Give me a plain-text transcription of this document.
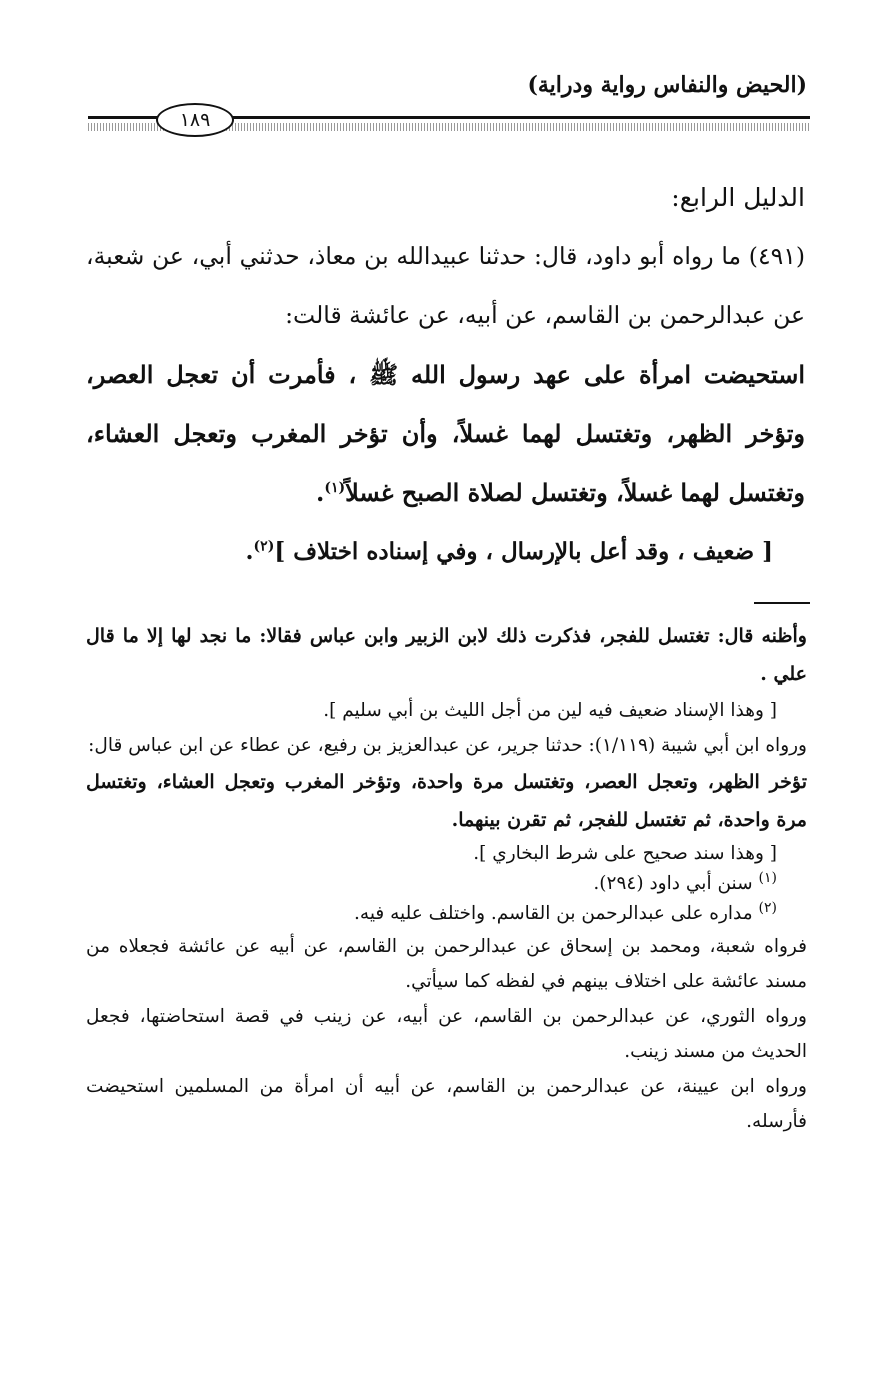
(الحيض والنفاس رواية ودراية)
١٨٩

الدليل الرابع:

(٤٩١) ما رواه أبو داود، قال: حدثنا عبيدالله بن معاذ، حدثني أبي، عن شعبة، عن عبدالرحمن بن القاسم، عن أبيه، عن عائشة قالت:

استحيضت امرأة على عهد رسول الله ﷺ ، فأمرت أن تعجل العصر، وتؤخر الظهر، وتغتسل لهما غسلاً، وأن تؤخر المغرب وتعجل العشاء، وتغتسل لهما غسلاً، وتغتسل لصلاة الصبح غسلاً$^{(١)}$.

[ ضعيف ، وقد أعل بالإرسال ، وفي إسناده اختلاف ]$^{(٢)}$.

وأظنه قال: تغتسل للفجر، فذكرت ذلك لابن الزبير وابن عباس فقالا: ما نجد لها إلا ما قال علي .

[ وهذا الإسناد ضعيف فيه لين من أجل الليث بن أبي سليم ].

ورواه ابن أبي شيبة (١/١١٩): حدثنا جرير، عن عبدالعزيز بن رفيع، عن عطاء عن ابن عباس قال:

تؤخر الظهر، وتعجل العصر، وتغتسل مرة واحدة، وتؤخر المغرب وتعجل العشاء، وتغتسل مرة واحدة، ثم تغتسل للفجر، ثم تقرن بينهما.

[ وهذا سند صحيح على شرط البخاري ].

$^{(١)}$ سنن أبي داود (٢٩٤).

$^{(٢)}$ مداره على عبدالرحمن بن القاسم. واختلف عليه فيه.

فرواه شعبة، ومحمد بن إسحاق عن عبدالرحمن بن القاسم، عن أبيه عن عائشة فجعلاه من مسند عائشة على اختلاف بينهم في لفظه كما سيأتي.

ورواه الثوري، عن عبدالرحمن بن القاسم، عن أبيه، عن زينب في قصة استحاضتها، فجعل الحديث من مسند زينب.

ورواه ابن عيينة، عن عبدالرحمن بن القاسم، عن أبيه أن امرأة من المسلمين استحيضت فأرسله.
